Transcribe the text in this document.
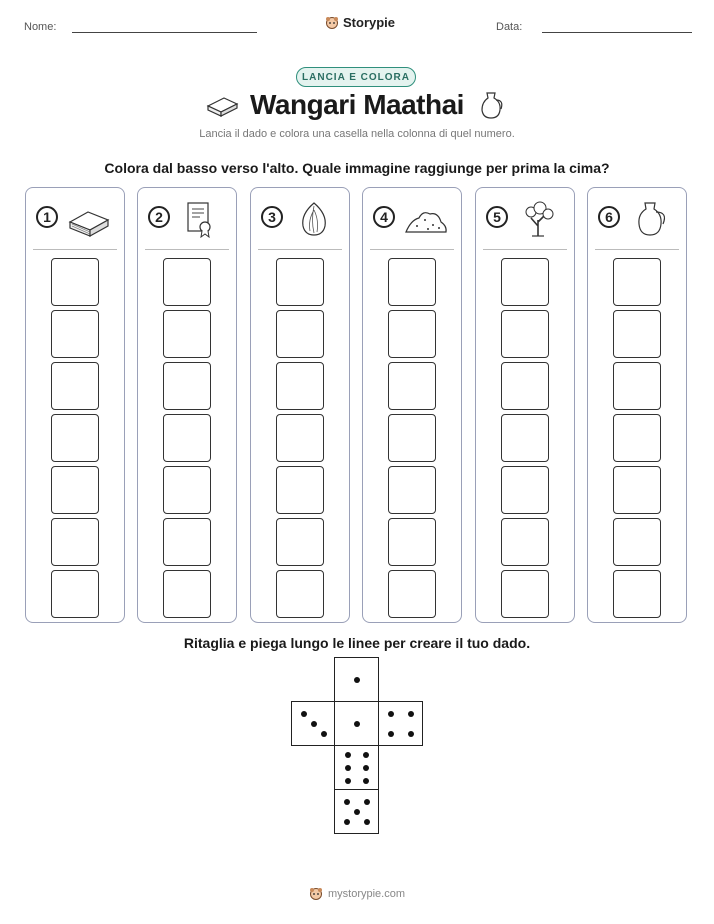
Nome:	Storypie	Data:
LANCIA E COLORA
Wangari Maathai
Lancia il dado e colora una casella nella colonna di quel numero.
Colora dal basso verso l'alto. Quale immagine raggiunge per prima la cima?
1	2	3	4	5	6
Ritaglia e piega lungo le linee per creare il tuo dado.
mystorypie.com
